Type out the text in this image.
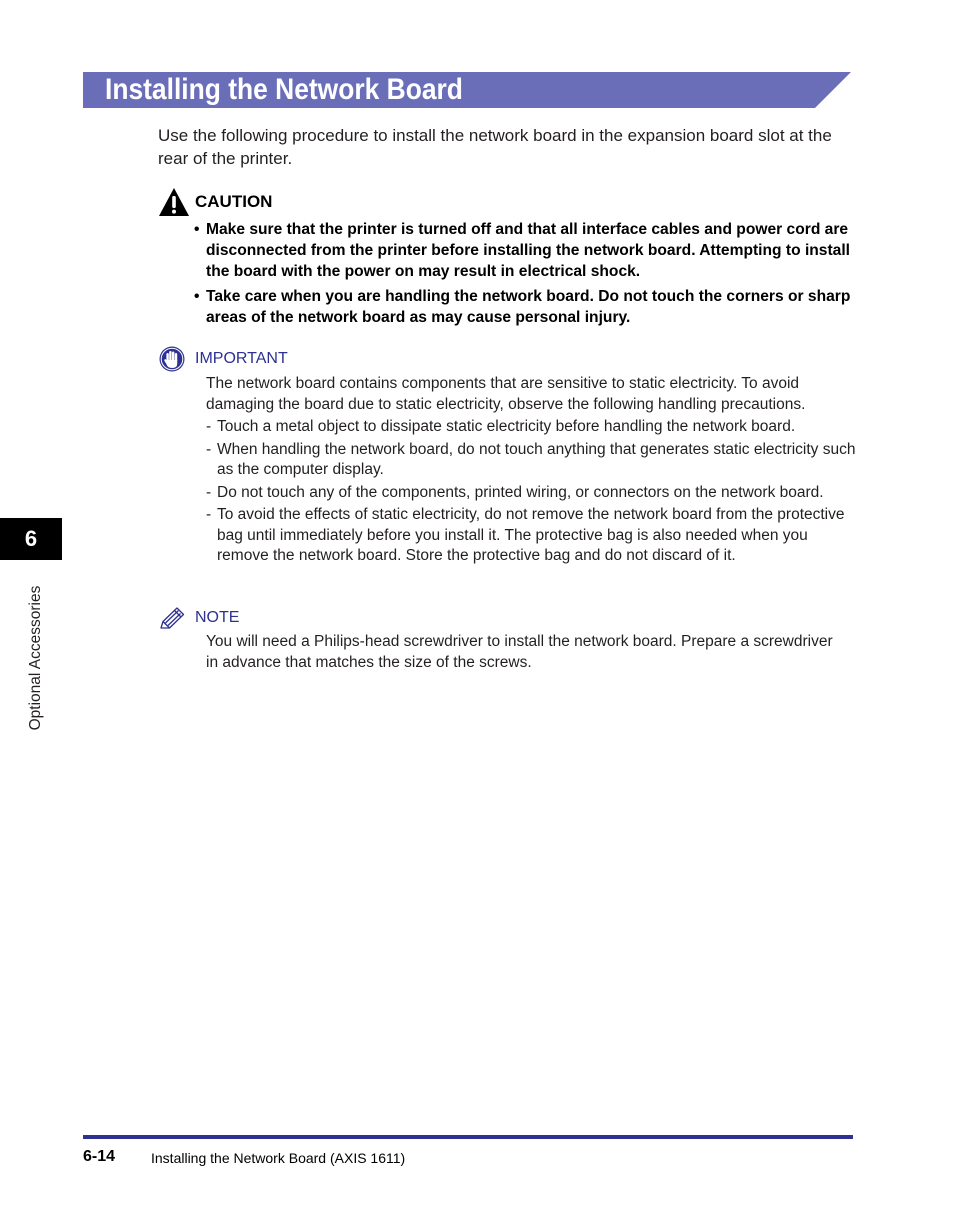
Installing the Network Board

Use the following procedure to install the network board in the expansion board slot at the rear of the printer.

CAUTION
• Make sure that the printer is turned off and that all interface cables and power cord are disconnected from the printer before installing the network board. Attempting to install the board with the power on may result in electrical shock.
• Take care when you are handling the network board. Do not touch the corners or sharp areas of the network board as may cause personal injury.
IMPORTANT

The network board contains components that are sensitive to static electricity. To avoid damaging the board due to static electricity, observe the following handling precautions.

- Touch a metal object to dissipate static electricity before handling the network board.
- When handling the network board, do not touch anything that generates static electricity such as the computer display.
- Do not touch any of the components, printed wiring, or connectors on the network board.
- To avoid the effects of static electricity, do not remove the network board from the protective bag until immediately before you install it. The protective bag is also needed when you remove the network board. Store the protective bag and do not discard of it.
NOTE

You will need a Philips-head screwdriver to install the network board. Prepare a screwdriver in advance that matches the size of the screws.

6
Optional Accessories
6-14	Installing the Network Board (AXIS 1611)
